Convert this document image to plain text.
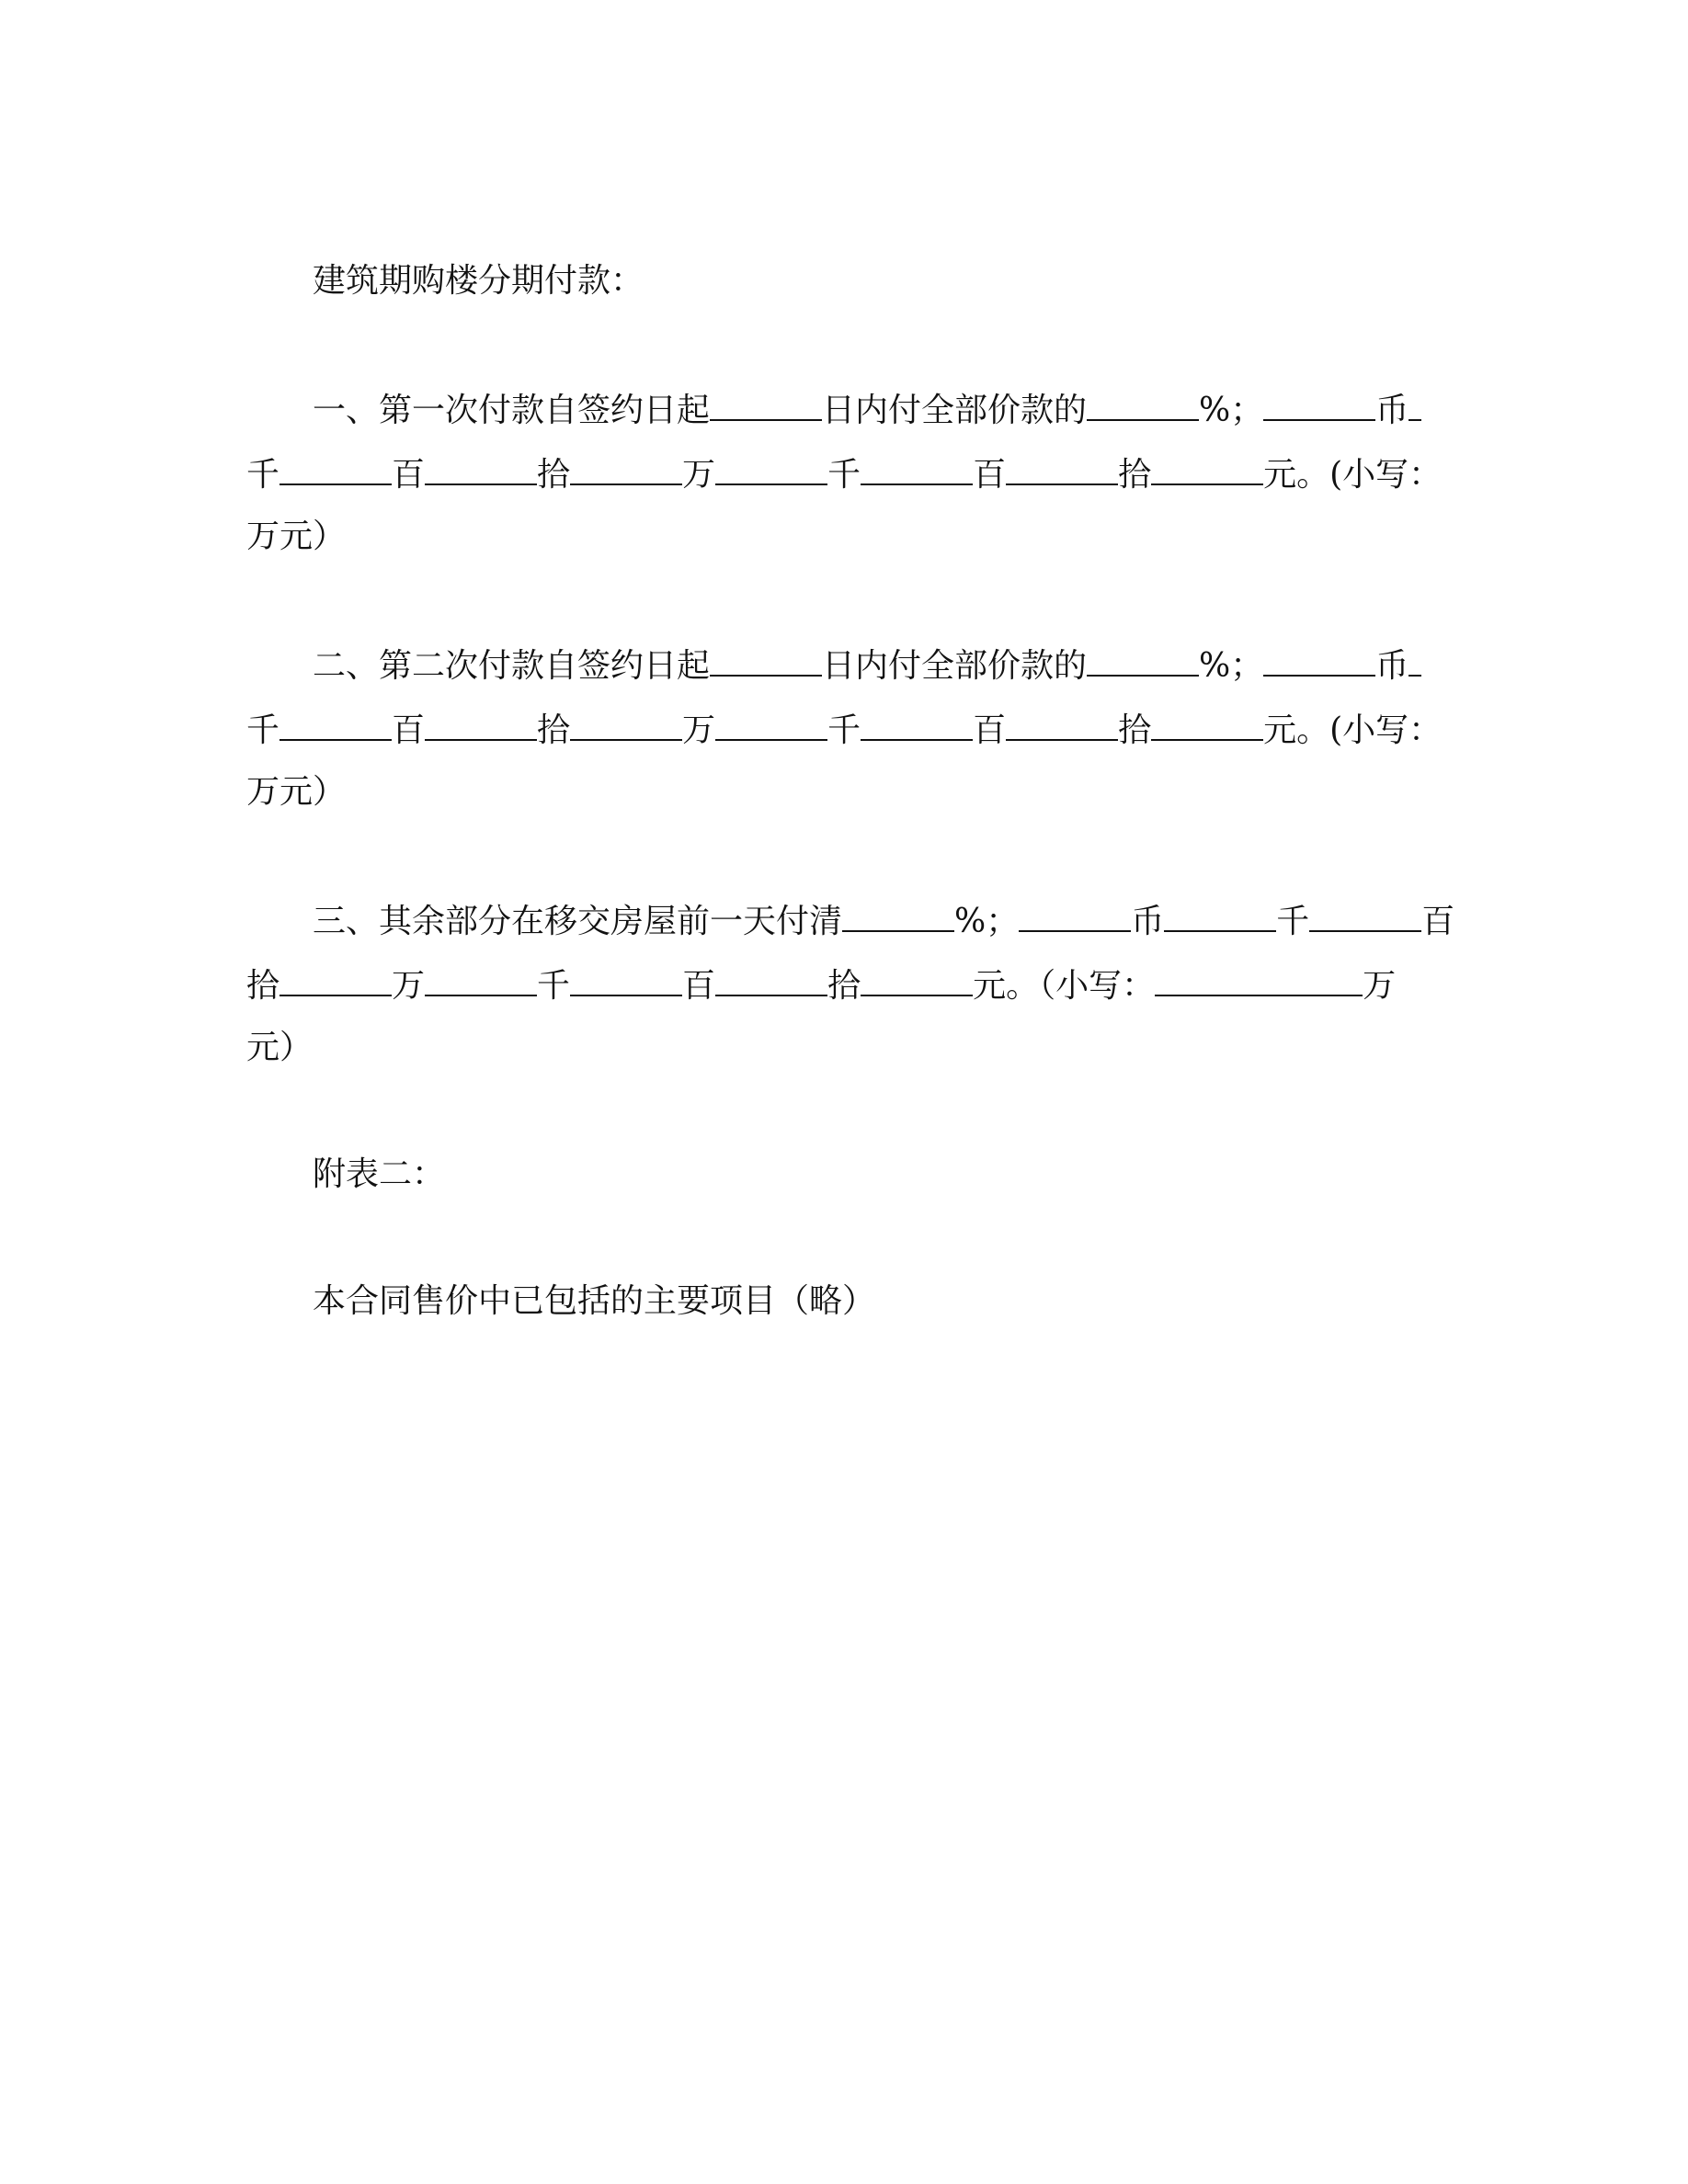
建筑期购楼分期付款：
一、第一次付款自签约日起	日内付全部价款的	%；	币
千	百	拾	万	千	百	拾	元。(小写：
万元）
二、第二次付款自签约日起	日内付全部价款的	%；	币
千	百	拾	万	千	百	拾	元。(小写：
万元）
三、其余部分在移交房屋前一天付清	%；	币	千	百
拾	万	千	百	拾	元。（小写：	万
元）
附表二：
本合同售价中已包括的主要项目（略）
